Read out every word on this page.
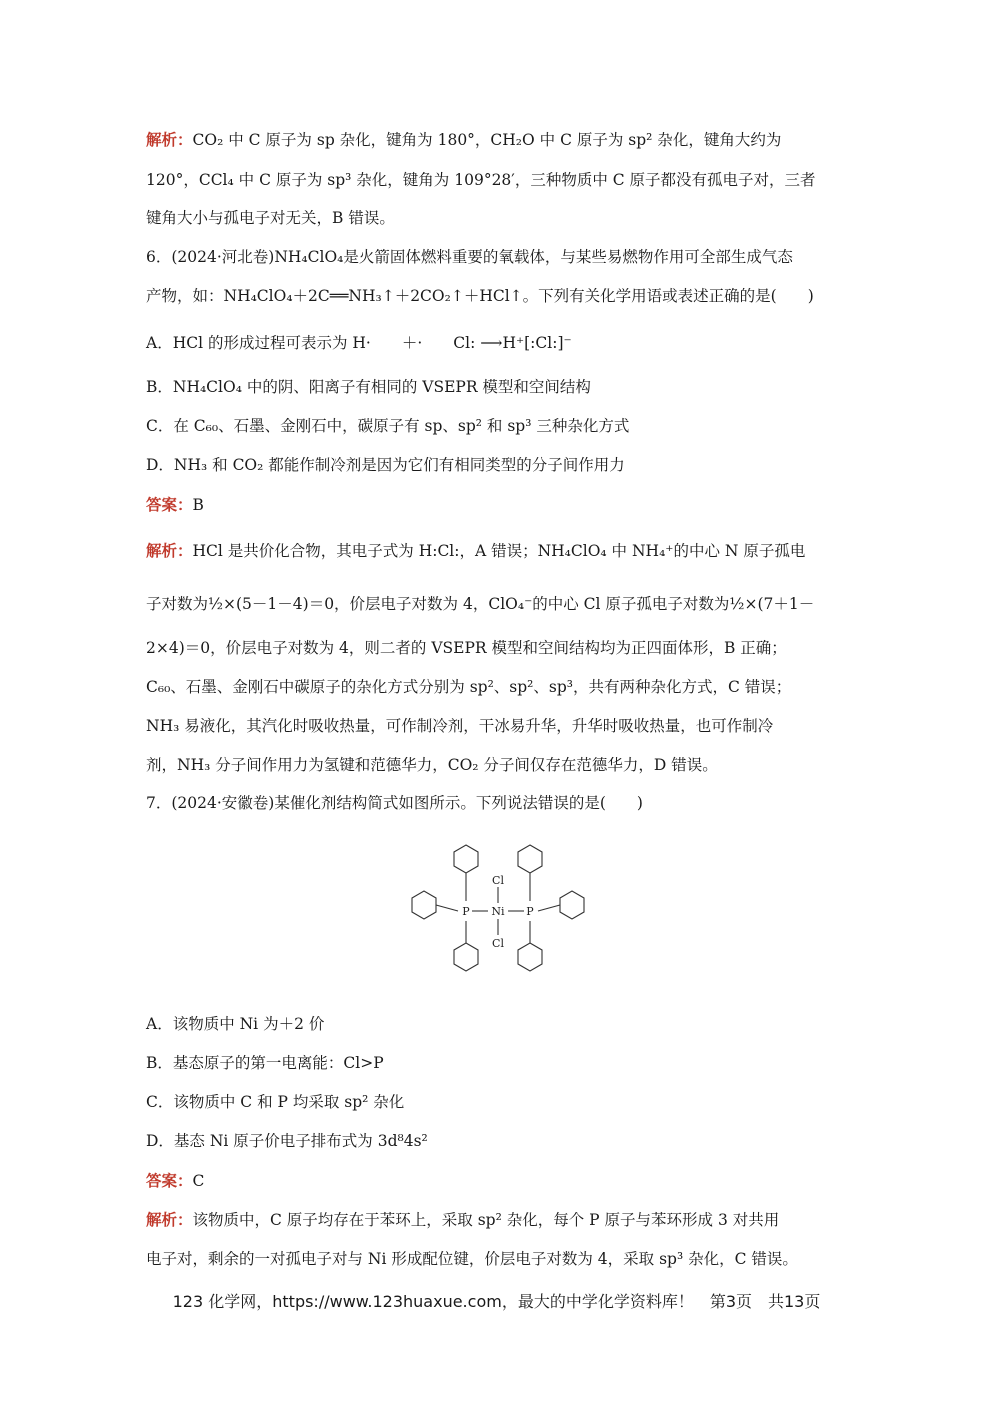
解析：CO₂ 中 C 原子为 sp 杂化，键角为 180°，CH₂O 中 C 原子为 sp² 杂化，键角大约为
120°，CCl₄ 中 C 原子为 sp³ 杂化，键角为 109°28′，三种物质中 C 原子都没有孤电子对，三者
键角大小与孤电子对无关，B 错误。
6．(2024·河北卷)NH₄ClO₄是火箭固体燃料重要的氧载体，与某些易燃物作用可全部生成气态
产物，如：NH₄ClO₄＋2C══NH₃↑＋2CO₂↑＋HCl↑。下列有关化学用语或表述正确的是(　　)
A．HCl 的形成过程可表示为 H·　　＋·　　Cl: ⟶H⁺[:Cl:]⁻
B．NH₄ClO₄ 中的阴、阳离子有相同的 VSEPR 模型和空间结构
C．在 C₆₀、石墨、金刚石中，碳原子有 sp、sp² 和 sp³ 三种杂化方式
D．NH₃ 和 CO₂ 都能作制冷剂是因为它们有相同类型的分子间作用力
答案：B
解析：HCl 是共价化合物，其电子式为 H:Cl:，A 错误；NH₄ClO₄ 中 NH₄⁺的中心 N 原子孤电
子对数为½×(5－1－4)＝0，价层电子对数为 4，ClO₄⁻的中心 Cl 原子孤电子对数为½×(7＋1－
2×4)＝0，价层电子对数为 4，则二者的 VSEPR 模型和空间结构均为正四面体形，B 正确；
C₆₀、石墨、金刚石中碳原子的杂化方式分别为 sp²、sp²、sp³，共有两种杂化方式，C 错误；
NH₃ 易液化，其汽化时吸收热量，可作制冷剂，干冰易升华，升华时吸收热量，也可作制冷
剂，NH₃ 分子间作用力为氢键和范德华力，CO₂ 分子间仅存在范德华力，D 错误。
7．(2024·安徽卷)某催化剂结构简式如图所示。下列说法错误的是(　　)
A．该物质中 Ni 为＋2 价
B．基态原子的第一电离能：Cl>P
C．该物质中 C 和 P 均采取 sp² 杂化
D．基态 Ni 原子价电子排布式为 3d⁸4s²
答案：C
解析：该物质中，C 原子均存在于苯环上，采取 sp² 杂化，每个 P 原子与苯环形成 3 对共用
电子对，剩余的一对孤电子对与 Ni 形成配位键，价层电子对数为 4，采取 sp³ 杂化，C 错误。
Ni
P	P
Cl
Cl
123 化学网，https://www.123huaxue.com，最大的中学化学资料库！　第3页　共13页
